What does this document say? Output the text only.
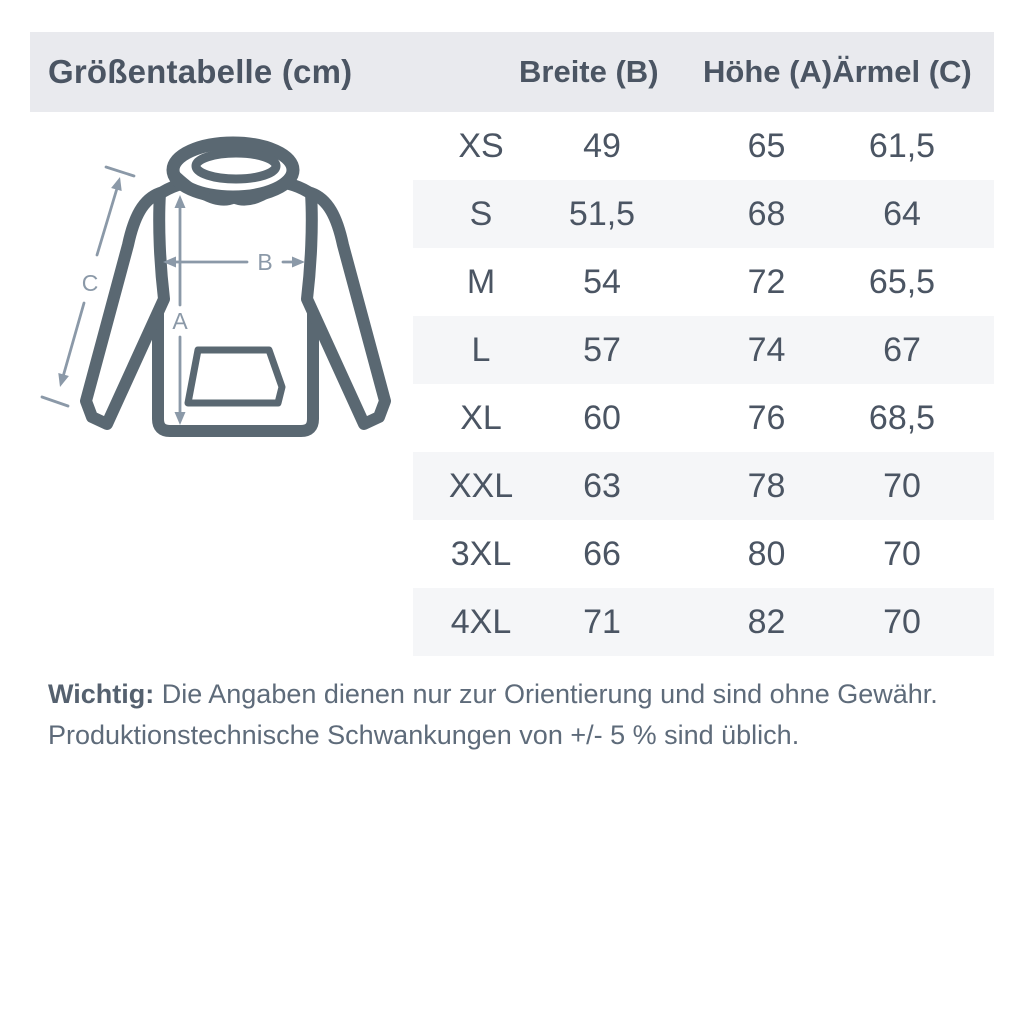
Größentabelle (cm)	Breite (B)	Höhe (A) Ärmel (C)
A
B
C
XS	49	65	61,5
S	51,5	68	64
M	54	72	65,5
L	57	74	67
XL	60	76	68,5
XXL	63	78	70
3XL	66	80	70
4XL	71	82	70
Wichtig: Die Angaben dienen nur zur Orientierung und sind ohne Gewähr.
Produktionstechnische Schwankungen von +/- 5 % sind üblich.
